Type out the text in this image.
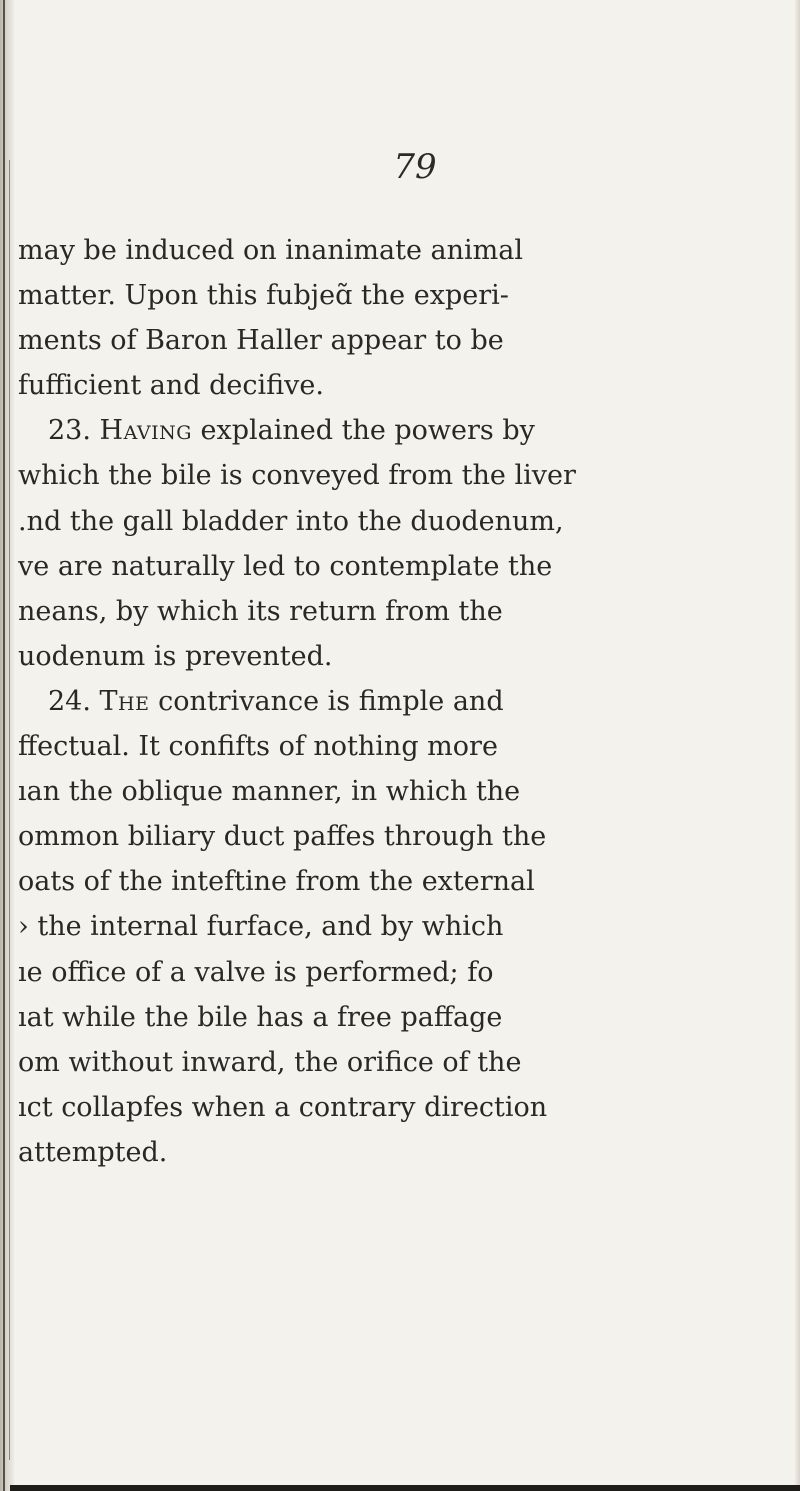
79
may be induced on inanimate animal
matter. Upon this fubjeɑ̃ the experi-
ments of Baron Haller appear to be
fufficient and decifive.
23. Having explained the powers by
which the bile is conveyed from the liver
.nd the gall bladder into the duodenum,
ve are naturally led to contemplate the
neans, by which its return from the
uodenum is prevented.
24. The contrivance is fimple and
ffectual. It confifts of nothing more
ıan the oblique manner, in which the
ommon biliary duct paffes through the
oats of the inteftine from the external
› the internal furface, and by which
ıe office of a valve is performed; fo
ıat while the bile has a free paffage
om without inward, the orifice of the
ıct collapfes when a contrary direction
attempted.
